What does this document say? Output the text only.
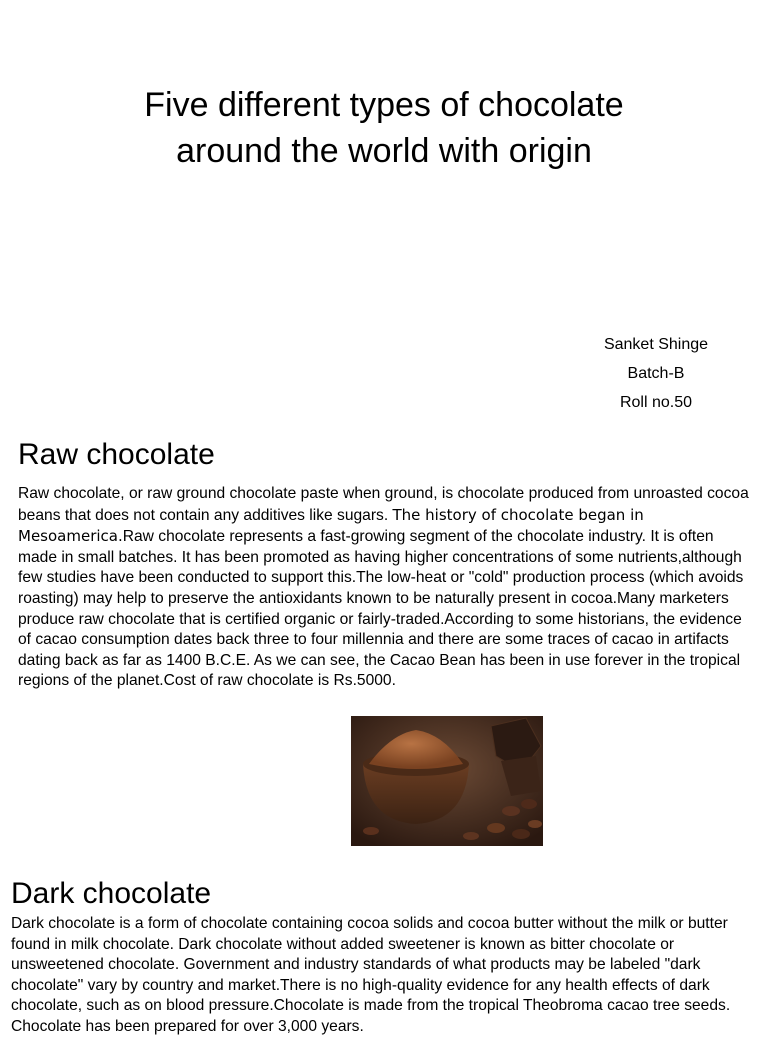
Five different types of chocolate
around the world with origin
Sanket Shinge
Batch-B
Roll no.50
Raw chocolate

Raw chocolate, or raw ground chocolate paste when ground, is chocolate produced from unroasted cocoa beans that does not contain any additives like sugars. The history of chocolate began in Mesoamerica.Raw chocolate represents a fast-growing segment of the chocolate industry. It is often made in small batches. It has been promoted as having higher concentrations of some nutrients,although few studies have been conducted to support this.The low-heat or "cold" production process (which avoids roasting) may help to preserve the antioxidants known to be naturally present in cocoa.Many marketers produce raw chocolate that is certified organic or fairly-traded.According to some historians, the evidence of cacao consumption dates back three to four millennia and there are some traces of cacao in artifacts dating back as far as 1400 B.C.E. As we can see, the Cacao Bean has been in use forever in the tropical regions of the planet.Cost of raw chocolate is Rs.5000.

Dark chocolate

Dark chocolate is a form of chocolate containing cocoa solids and cocoa butter without the milk or butter found in milk chocolate. Dark chocolate without added sweetener is known as bitter chocolate or unsweetened chocolate. Government and industry standards of what products may be labeled "dark chocolate" vary by country and market.There is no high-quality evidence for any health effects of dark chocolate, such as on blood pressure.Chocolate is made from the tropical Theobroma cacao tree seeds. Chocolate has been prepared for over 3,000 years.
